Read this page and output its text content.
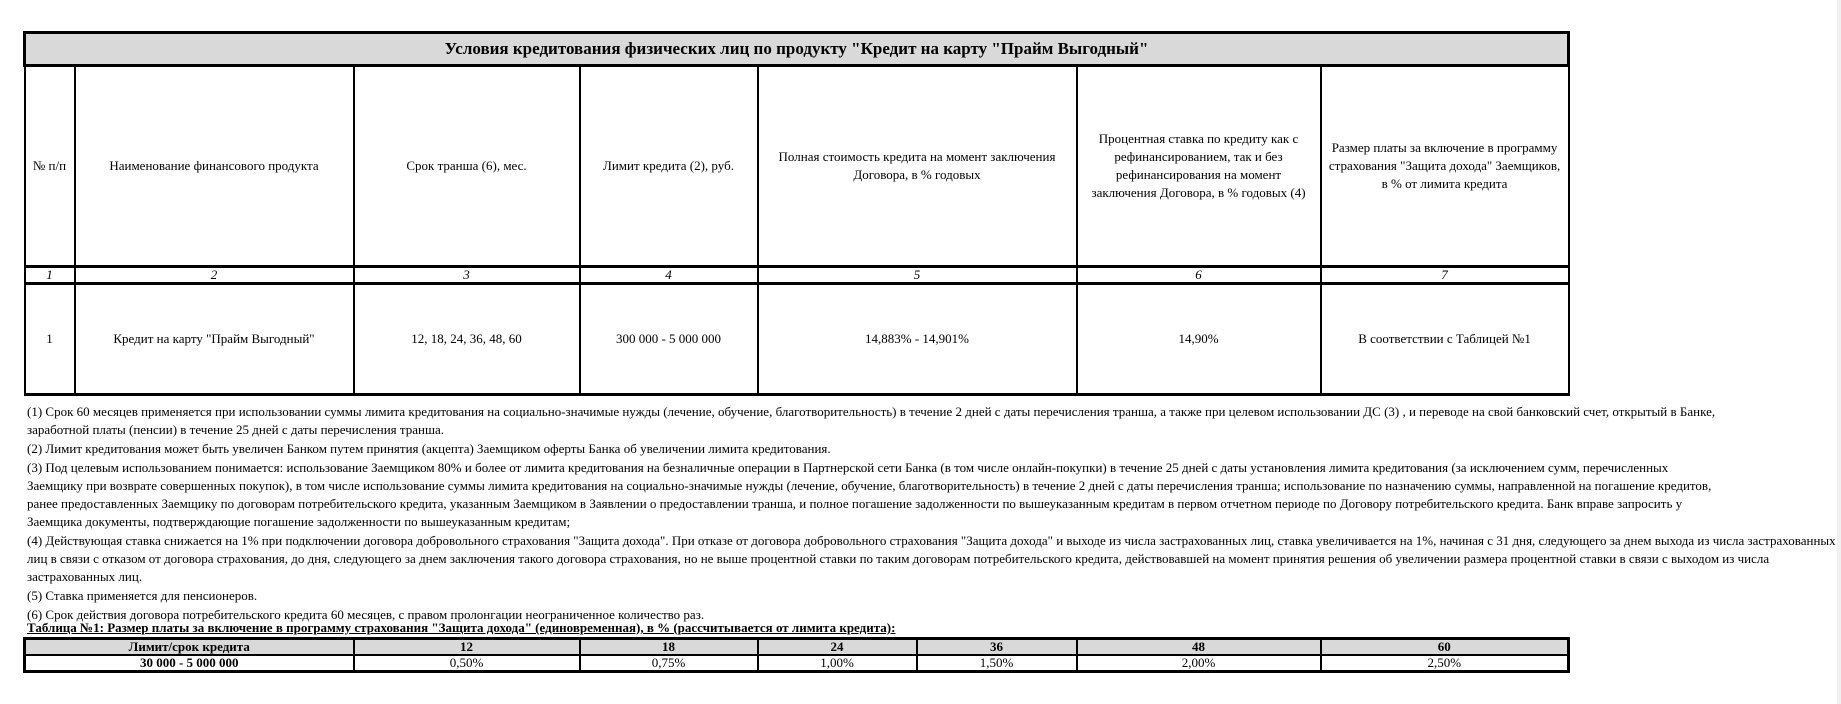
Условия кредитования физических лиц по продукту "Кредит на карту "Прайм Выгодный"						
№ п/п	Наименование финансового продукта	Срок транша (6), мес.	Лимит кредита (2), руб.	Полная стоимость кредита на момент заключения Договора, в % годовых	Процентная ставка по кредиту как с рефинансированием, так и без рефинансирования на момент заключения Договора, в % годовых (4)	Размер платы за включение в программу страхования "Защита дохода" Заемщиков, в % от лимита кредита
1	2	3	4	5	6	7
1	Кредит на карту "Прайм Выгодный"	12, 18, 24, 36, 48, 60	300 000 - 5 000 000	14,883% - 14,901%	14,90%	В соответствии с Таблицей №1
(1) Срок 60 месяцев применяется при использовании суммы лимита кредитования на социально-значимые нужды (лечение, обучение, благотворительность) в течение 2 дней с даты перечисления транша, а также при целевом использовании ДС (3) , и переводе на свой банковский счет, открытый в Банке, заработной платы (пенсии) в течение 25 дней с даты перечисления транша.
(2) Лимит кредитования может быть увеличен Банком путем принятия (акцепта) Заемщиком оферты Банка об увеличении лимита кредитования.
(3) Под целевым использованием понимается: использование Заемщиком 80% и более от лимита кредитования на безналичные операции в Партнерской сети Банка (в том числе онлайн-покупки) в течение 25 дней с даты установления лимита кредитования (за исключением сумм, перечисленных Заемщику при возврате совершенных покупок), в том числе использование суммы лимита кредитования на социально-значимые нужды (лечение, обучение, благотворительность) в течение 2 дней с даты перечисления транша; использование по назначению суммы, направленной на погашение кредитов, ранее предоставленных Заемщику по договорам потребительского кредита, указанным Заемщиком в Заявлении о предоставлении транша, и полное погашение задолженности по вышеуказанным кредитам в первом отчетном периоде по Договору потребительского кредита. Банк вправе запросить у Заемщика документы, подтверждающие погашение задолженности по вышеуказанным кредитам;
(4) Действующая ставка снижается на 1% при подключении договора добровольного страхования "Защита дохода". При отказе от договора добровольного страхования "Защита дохода" и выходе из числа застрахованных лиц, ставка увеличивается на 1%, начиная с 31 дня, следующего за днем выхода из числа застрахованных лиц в связи с отказом от договора страхования, до дня, следующего за днем заключения такого договора страхования, но не выше процентной ставки по таким договорам потребительского кредита, действовавшей на момент принятия решения об увеличении размера процентной ставки в связи с выходом из числа застрахованных лиц.
(5) Ставка применяется для пенсионеров.
(6) Срок действия договора потребительского кредита 60 месяцев, с правом пролонгации неограниченное количество раз.
Таблица №1: Размер платы за включение в программу страхования "Защита дохода" (единовременная), в % (рассчитывается от лимита кредита):
Лимит/срок кредита	12	18	24	36	48	60
30 000 - 5 000 000	0,50%	0,75%	1,00%	1,50%	2,00%	2,50%
